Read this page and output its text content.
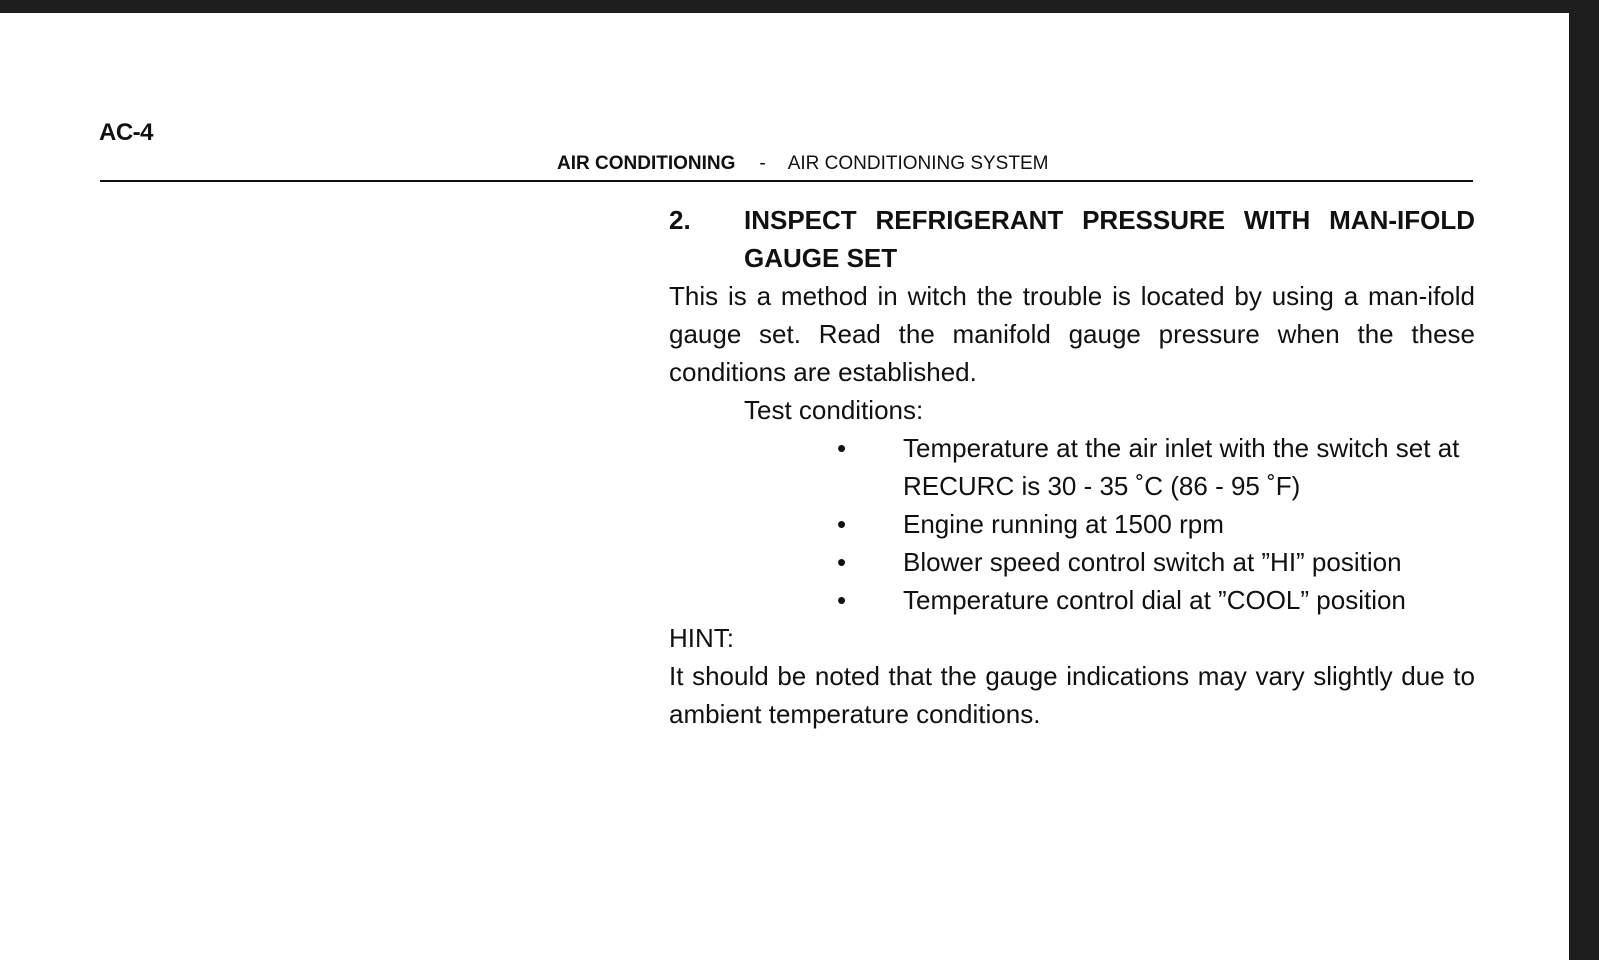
AC-4
AIR CONDITIONING - AIR CONDITIONING SYSTEM
2.	INSPECT REFRIGERANT PRESSURE WITH MAN-IFOLD GAUGE SET

This is a method in witch the trouble is located by using a man-ifold gauge set. Read the manifold gauge pressure when the these conditions are established.

Test conditions:

•	Temperature at the air inlet with the switch set at RECURC is 30 - 35 ˚C (86 - 95 ˚F)
•	Engine running at 1500 rpm
•	Blower speed control switch at ”HI” position
•	Temperature control dial at ”COOL” position

HINT:

It should be noted that the gauge indications may vary slightly due to ambient temperature conditions.
